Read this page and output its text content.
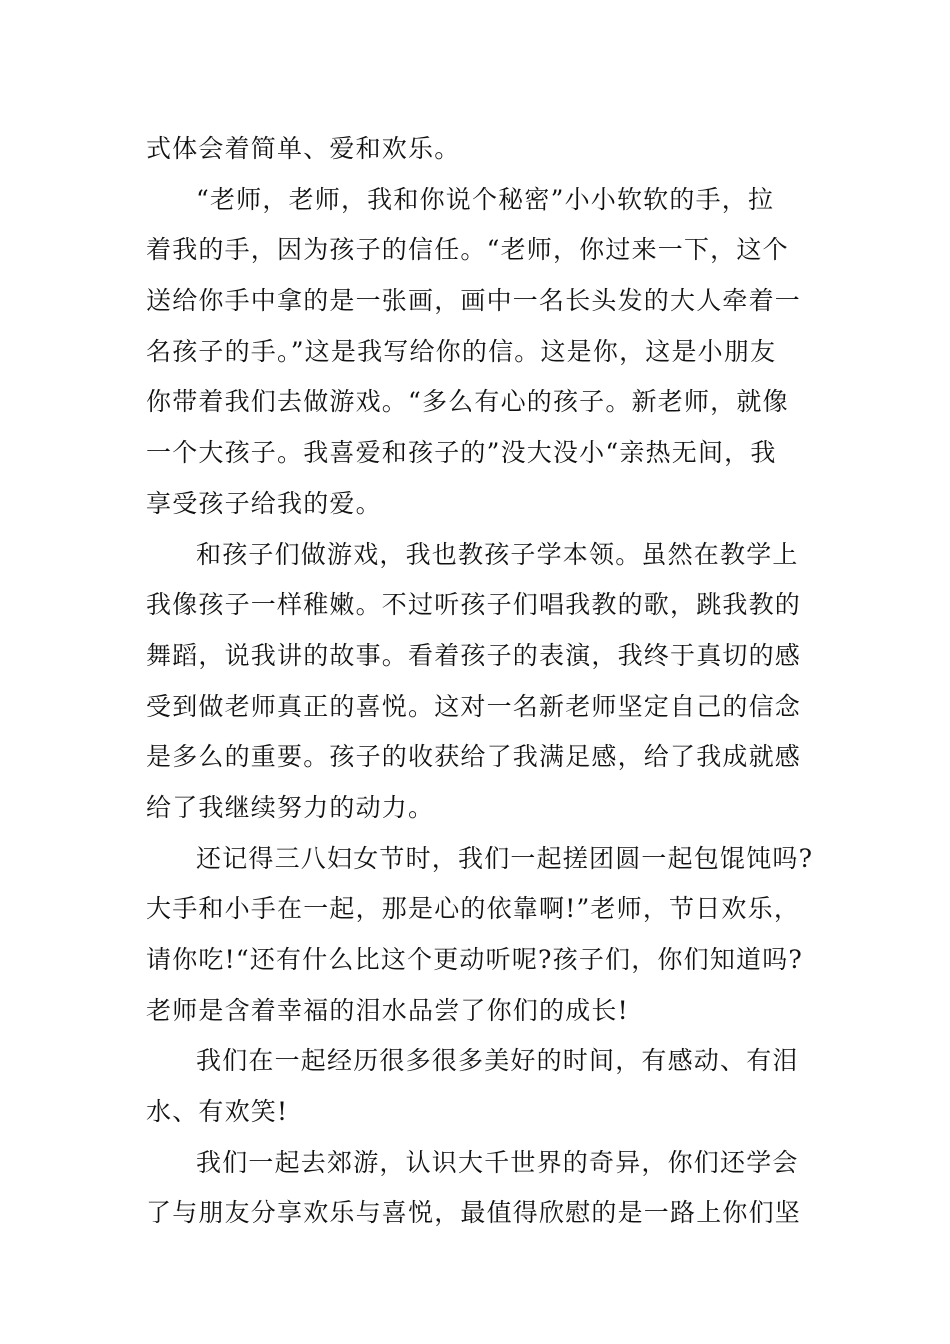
式体会着简单、爱和欢乐。
“老师，老师，我和你说个秘密”小小软软的手，拉
着我的手，因为孩子的信任。“老师，你过来一下，这个
送给你手中拿的是一张画，画中一名长头发的大人牵着一
名孩子的手。”这是我写给你的信。这是你，这是小朋友
你带着我们去做游戏。“多么有心的孩子。新老师，就像
一个大孩子。我喜爱和孩子的”没大没小“亲热无间，我
享受孩子给我的爱。
和孩子们做游戏，我也教孩子学本领。虽然在教学上
我像孩子一样稚嫩。不过听孩子们唱我教的歌，跳我教的
舞蹈，说我讲的故事。看着孩子的表演，我终于真切的感
受到做老师真正的喜悦。这对一名新老师坚定自己的信念
是多么的重要。孩子的收获给了我满足感，给了我成就感
给了我继续努力的动力。
还记得三八妇女节时，我们一起搓团圆一起包馄饨吗?
大手和小手在一起，那是心的依靠啊!”老师，节日欢乐，
请你吃!“还有什么比这个更动听呢?孩子们，你们知道吗?
老师是含着幸福的泪水品尝了你们的成长!
我们在一起经历很多很多美好的时间，有感动、有泪
水、有欢笑!
我们一起去郊游，认识大千世界的奇异，你们还学会
了与朋友分享欢乐与喜悦，最值得欣慰的是一路上你们坚
